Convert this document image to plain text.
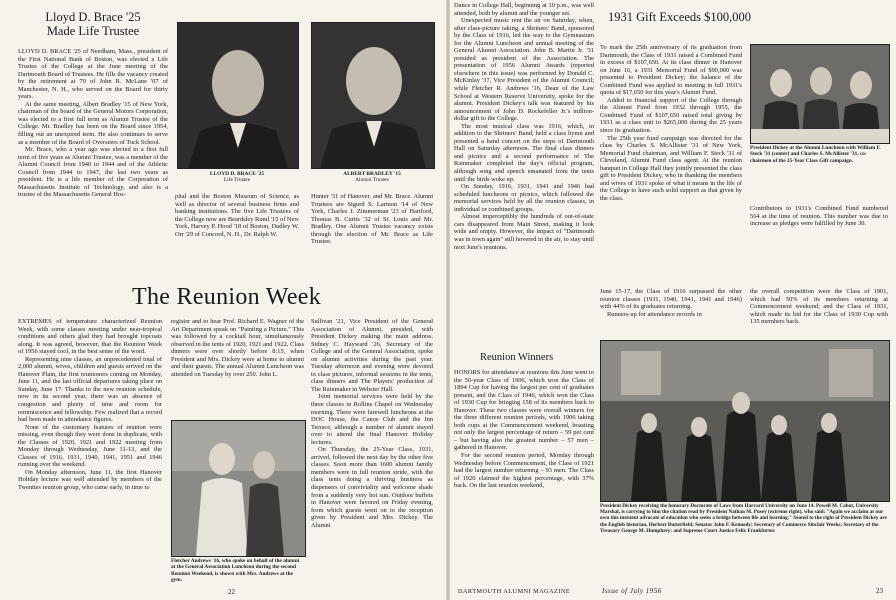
Lloyd D. Brace '25
Made Life Trustee

LLOYD D. BRACE '25 of Needham, Mass., president of the First National Bank of Boston, was elected a Life Trustee of the College at the June meeting of the Dartmouth Board of Trustees. He fills the vacancy created by the retirement at 70 of John R. McLane '07 of Manchester, N. H., who served on the Board for thirty years.

At the same meeting, Albert Bradley '15 of New York, chairman of the board of the General Motors Corporation, was elected to a first full term as Alumni Trustee of the College. Mr. Bradley has been on the Board since 1954, filling out an unexpired term. He also continues to serve as a member of the Board of Overseers of Tuck School.

Mr. Brace, who a year ago was elected to a first full term of five years as Alumni Trustee, was a member of the Alumni Council from 1940 to 1944 and of the Athletic Council from 1944 to 1947, the last two years as president. He is a life member of the Corporation of Massachusetts Institute of Technology, and also is a trustee of the Massachusetts General Hos-

LLOYD D. BRACE '25
Life Trustee
ALBERT BRADLEY '15
Alumni Trustee

pital and the Boston Museum of Science, as well as director of several business firms and banking institutions. The five Life Trustees of the College now are Beardsley Ruml '15 of New York, Harvey P. Hood '18 of Boston, Dudley W. Orr '29 of Concord, N. H., Dr. Ralph W.

Hunter '31 of Hanover, and Mr. Brace. Alumni Trustees are Sigurd S. Larmon '14 of New York, Charles J. Zimmerman '23 of Hartford, Thomas B. Curtis '32 of St. Louis and Mr. Bradley. One Alumni Trustee vacancy exists through the election of Mr. Brace as Life Trustee.

The Reunion Week

EXTREMES of temperature characterized Reunion Week, with some classes meeting under near-tropical conditions and others glad they had brought topcoats along. It was agreed, however, that the Reunion Week of 1956 stayed cool, in the best sense of the word.

Representing nine classes, an unprecedented total of 2,000 alumni, wives, children and guests arrived on the Hanover Plain, the first reunioners coming on Monday, June 11, and the last official departures taking place on Sunday, June 17. Thanks to the new reunion schedule, now in its second year, there was an absence of congestion and plenty of time and room for reminiscence and fellowship. Few realized that a record had been made in attendance figures.

None of the customary features of reunion were missing, even though they were done in duplicate, with the Classes of 1920, 1921 and 1922 meeting from Monday through Wednesday, June 11-13, and the Classes of 1916, 1931, 1940, 1941, 1951 and 1946 running over the weekend.

On Monday afternoon, June 11, the first Hanover Holiday lecture was well attended by members of the Twenties reunion group, who came early, in time to

register and to hear Prof. Richard E. Wagner of the Art Department speak on "Painting a Picture." This was followed by a cocktail hour, simultaneously observed in the tents of 1920, 1921 and 1922. Class dinners were over shortly before 8:15, when President and Mrs. Dickey were at home to alumni and their guests. The annual Alumni Luncheon was attended on Tuesday by over 250. John L.

Fletcher Andrews '16, who spoke on behalf of the alumni at the General Association Luncheon during the second Reunion Weekend, is shown with Mrs. Andrews at the gym.

Sullivan '21, Vice President of the General Association of Alumni, presided, with President Dickey making the main address. Sidney C. Hayward '26, Secretary of the College and of the General Association, spoke on alumni activities during the past year. Tuesday afternoon and evening were devoted to class pictures, informal sessions in the tents, class dinners and The Players' production of The Rainmaker in Webster Hall.

Joint memorial services were held by the three classes in Rollins Chapel on Wednesday morning. There were farewell luncheons at the DOC House, the Canoe Club and the Inn Terrace, although a number of alumni stayed over to attend the final Hanover Holiday lectures.

On Thursday, the 25-Year Class, 1931, arrived, followed the next day by the other five classes. Soon more than 1600 alumni family members were in full reunion stride, with the class tents doing a thriving business as dispensers of conviviality and welcome shade from a suddenly very hot sun. Outdoor buffets in Hanover were favored on Friday evening, from which guests went on to the reception given by President and Mrs. Dickey. The Alumni

22

Dance in College Hall, beginning at 10 p.m., was well attended, both by alumni and the younger set.

Unexpected music rent the air on Saturday, when, after class-picture taking, a Shriners' Band, sponsored by the Class of 1916, led the way to the Gymnasium for the Alumni Luncheon and annual meeting of the General Alumni Association. John B. Martin Jr. '31 presided as president of the Association. The presentation of 1956 Alumni Awards (reported elsewhere in this issue) was performed by Donald C. McKinlay '37, Vice President of the Alumni Council; while Fletcher R. Andrews '16, Dean of the Law School at Western Reserve University, spoke for the alumni. President Dickey's talk was featured by his announcement of John D. Rockefeller Jr.'s million-dollar gift to the College.

The most musical class was 1916, which, in addition to the Shriners' Band, held a class hymn and presented a band concert on the steps of Dartmouth Hall on Saturday afternoon. The final class dinners and picnics and a second performance of The Rainmaker completed the day's official program, although song and speech emanated from the tents until the birds woke up.

On Sunday, 1916, 1931, 1941 and 1946 had scheduled luncheons or picnics, which followed the memorial services held by all the reunion classes, in individual or combined groups.

Almost imperceptibly the hundreds of out-of-state cars disappeared from Main Street, making it look wide and empty. However, the impact of "Dartmouth was in town again" still hovered in the air, to stay until next June's reunions.

Reunion Winners

HONORS for attendance at reunions this June went to the 50-year Class of 1906, which won the Class of 1894 Cup for having the largest per cent of graduates present, and the Class of 1946, which won the Class of 1930 Cup for bringing 158 of its members back to Hanover. These two classes were overall winners for the three different reunion periods, with 1906 taking both cups at the Commencement weekend, boasting not only the largest percentage of return – 59 per cent – but having also the greatest number – 57 men – gathered in Hanover.

For the second reunion period, Monday through Wednesday before Commencement, the Class of 1921 had the largest number returning – 93 men. The Class of 1920 claimed the highest percentage, with 37% back. On the last reunion weekend,

1931 Gift Exceeds $100,000

To mark the 25th anniversary of its graduation from Dartmouth, the Class of 1931 raised a Combined Fund in excess of $107,650. At its class dinner in Hanover on June 16, a 1931 Memorial Fund of $90,000 was presented to President Dickey; the balance of the Combined Fund was applied to meeting in full 1931's quota of $17,650 for this year's Alumni Fund.

Added to financial support of the College through the Alumni Fund from 1932 through 1955, the Combined Fund of $107,650 raised total giving by 1931 as a class unit to $265,000 during the 25 years since its graduation.

The 25th year fund campaign was directed for the class by Charles S. McAllister '31 of New York, Memorial Fund chairman, and William F. Steck '31 of Cleveland, Alumni Fund class agent. At the reunion banquet in College Hall they jointly presented the class gift to President Dickey, who in thanking the members and wives of 1931 spoke of what it means in the life of the College to have such solid support as that given by the class.

President Dickey at the Alumni Luncheon with William F. Steck '31 (center) and Charles S. McAllister '31, co-chairmen of the 25-Year Class Gift campaign.

Contributors to 1931's Combined Fund numbered 564 at the time of reunion. This number was due to increase as pledges were fulfilled by June 30.

June 15-17, the Class of 1916 surpassed the other reunion classes (1931, 1940, 1941, 1941 and 1946) with 44% of its graduates returning.

Runners-up for attendance records in

the overall competition were the Class of 1901, which had 50% of its members returning at Commencement weekend; and the Class of 1931, which made its bid for the Class of 1930 Cup with 135 members back.

President Dickey receiving the honorary Doctorate of Laws from Harvard University on June 14. Powell M. Cabot, University Marshal, is carrying to him the citation read by President Nathan M. Pusey (extreme right), who said: "Again we acclaim as our own this insistent advocate of education who seeks a bridge between life and learning." Seated to the right of President Dickey are the English historian, Herbert Butterfield; Senator John F. Kennedy; Secretary of Commerce Sinclair Weeks; Secretary of the Treasury George M. Humphrey; and Supreme Court Justice Felix Frankfurter.
DARTMOUTH ALUMNI MAGAZINE	Issue of July 1956	23
